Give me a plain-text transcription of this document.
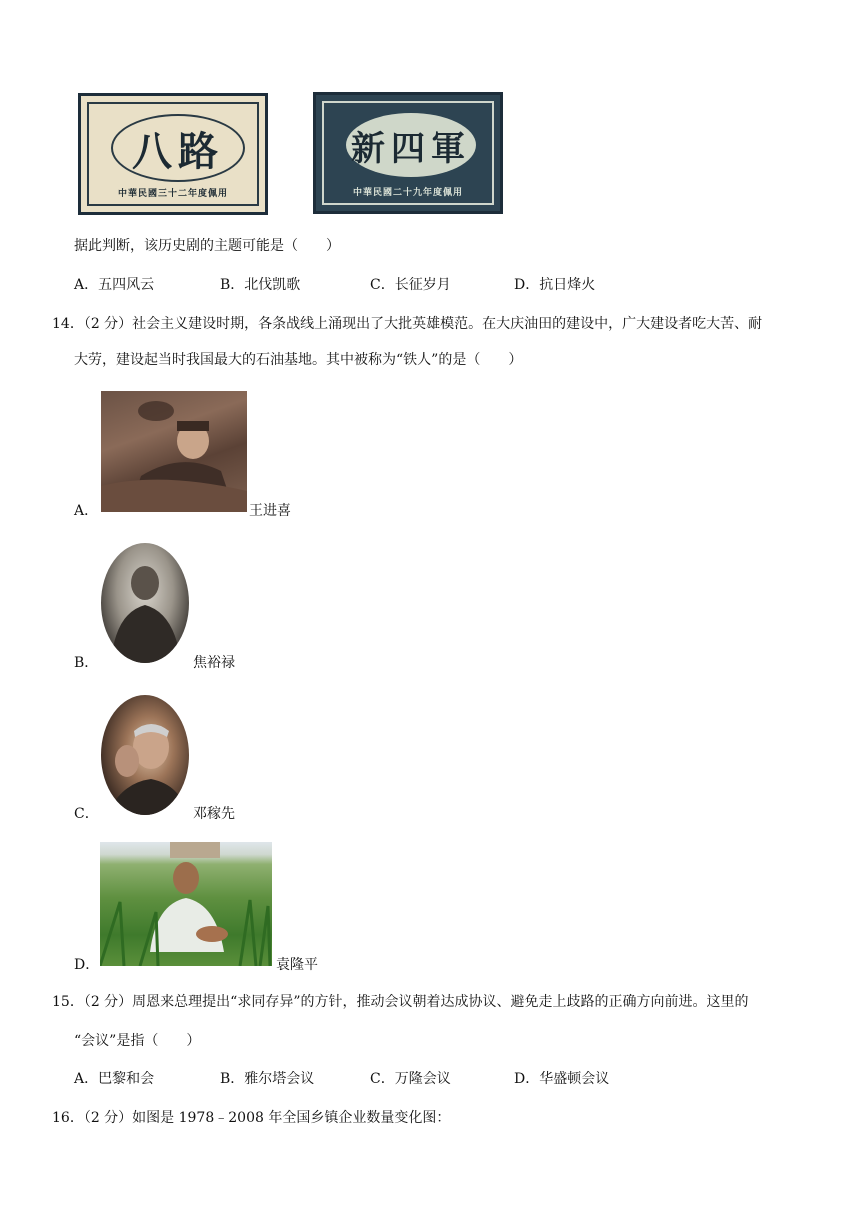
八路
中華民國三十二年度佩用
新四軍
中華民國二十九年度佩用
据此判断，该历史剧的主题可能是（　　）
A．五四风云	B．北伐凯歌	C．长征岁月	D．抗日烽火
14．（2 分）社会主义建设时期，各条战线上涌现出了大批英雄模范。在大庆油田的建设中，广大建设者吃大苦、耐
大劳，建设起当时我国最大的石油基地。其中被称为“铁人”的是（　　）
A．	王进喜
B．	焦裕禄
C．	邓稼先
D．	袁隆平
15．（2 分）周恩来总理提出“求同存异”的方针，推动会议朝着达成协议、避免走上歧路的正确方向前进。这里的
“会议”是指（　　）
A．巴黎和会	B．雅尔塔会议	C．万隆会议	D．华盛顿会议
16．（2 分）如图是 1978﹣2008 年全国乡镇企业数量变化图：
